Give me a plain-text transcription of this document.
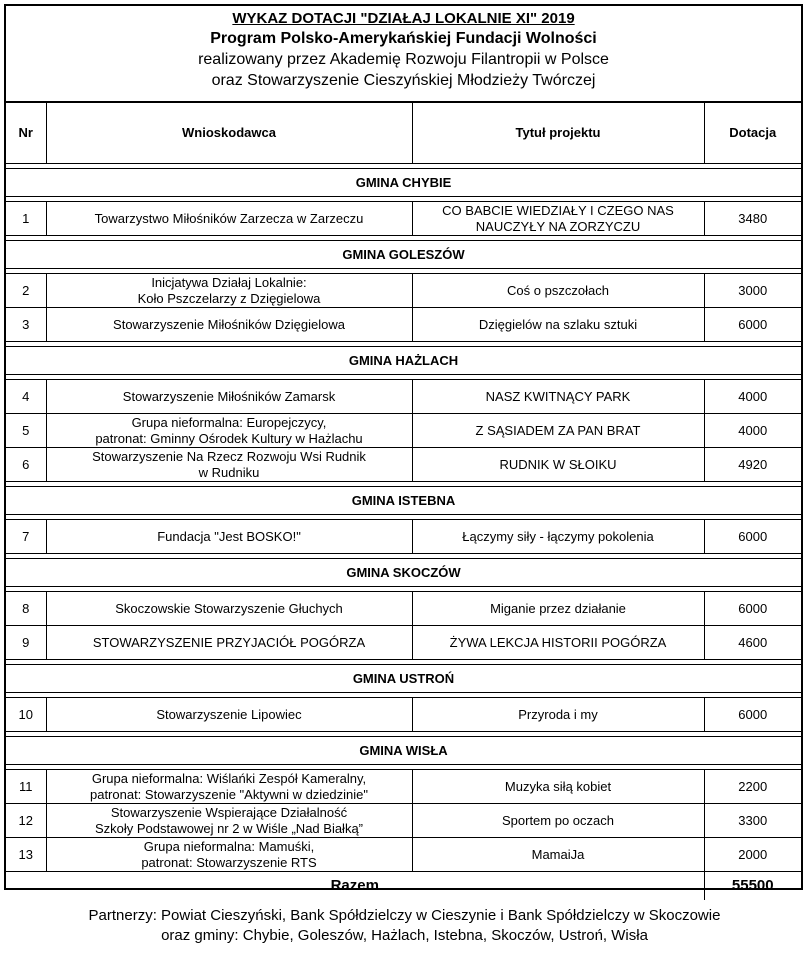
WYKAZ DOTACJI "DZIAŁAJ LOKALNIE XI" 2019
Program Polsko-Amerykańskiej Fundacji Wolności
realizowany przez Akademię Rozwoju Filantropii w Polsce
oraz Stowarzyszenie Cieszyńskiej Młodzieży Twórczej
Nr	Wnioskodawca	Tytuł projektu	Dotacja

GMINA CHYBIE			

1	Towarzystwo Miłośników Zarzecza w Zarzeczu	CO BABCIE WIEDZIAŁY I CZEGO NAS
NAUCZYŁY NA ZORZYCZU	3480

GMINA GOLESZÓW			

2	Inicjatywa Działaj Lokalnie:
Koło Pszczelarzy z Dzięgielowa	Coś o pszczołach	3000
3	Stowarzyszenie Miłośników Dzięgielowa	Dzięgielów na szlaku sztuki	6000

GMINA HAŻLACH			

4	Stowarzyszenie Miłośników Zamarsk	NASZ KWITNĄCY PARK	4000
5	Grupa nieformalna: Europejczycy,
patronat: Gminny Ośrodek Kultury w Hażlachu	Z SĄSIADEM ZA PAN BRAT	4000
6	Stowarzyszenie Na Rzecz Rozwoju Wsi Rudnik
w Rudniku	RUDNIK W SŁOIKU	4920

GMINA ISTEBNA			

7	Fundacja "Jest BOSKO!"	Łączymy siły - łączymy pokolenia	6000

GMINA SKOCZÓW			

8	Skoczowskie Stowarzyszenie Głuchych	Miganie przez działanie	6000
9	STOWARZYSZENIE PRZYJACIÓŁ POGÓRZA	ŻYWA LEKCJA HISTORII POGÓRZA	4600

GMINA USTROŃ			

10	Stowarzyszenie Lipowiec	Przyroda i my	6000

GMINA WISŁA			

11	Grupa nieformalna: Wiślańki Zespół Kameralny,
patronat: Stowarzyszenie "Aktywni w dziedzinie"	Muzyka siłą kobiet	2200
12	Stowarzyszenie Wspierające Działalność
Szkoły Podstawowej nr 2 w Wiśle „Nad Białką”	Sportem po oczach	3300
13	Grupa nieformalna: Mamuśki,
patronat: Stowarzyszenie RTS	MamaiJa	2000
Razem			55500
Partnerzy: Powiat Cieszyński, Bank Spółdzielczy w Cieszynie i Bank Spółdzielczy w Skoczowie
oraz gminy: Chybie, Goleszów, Hażlach, Istebna, Skoczów, Ustroń, Wisła
